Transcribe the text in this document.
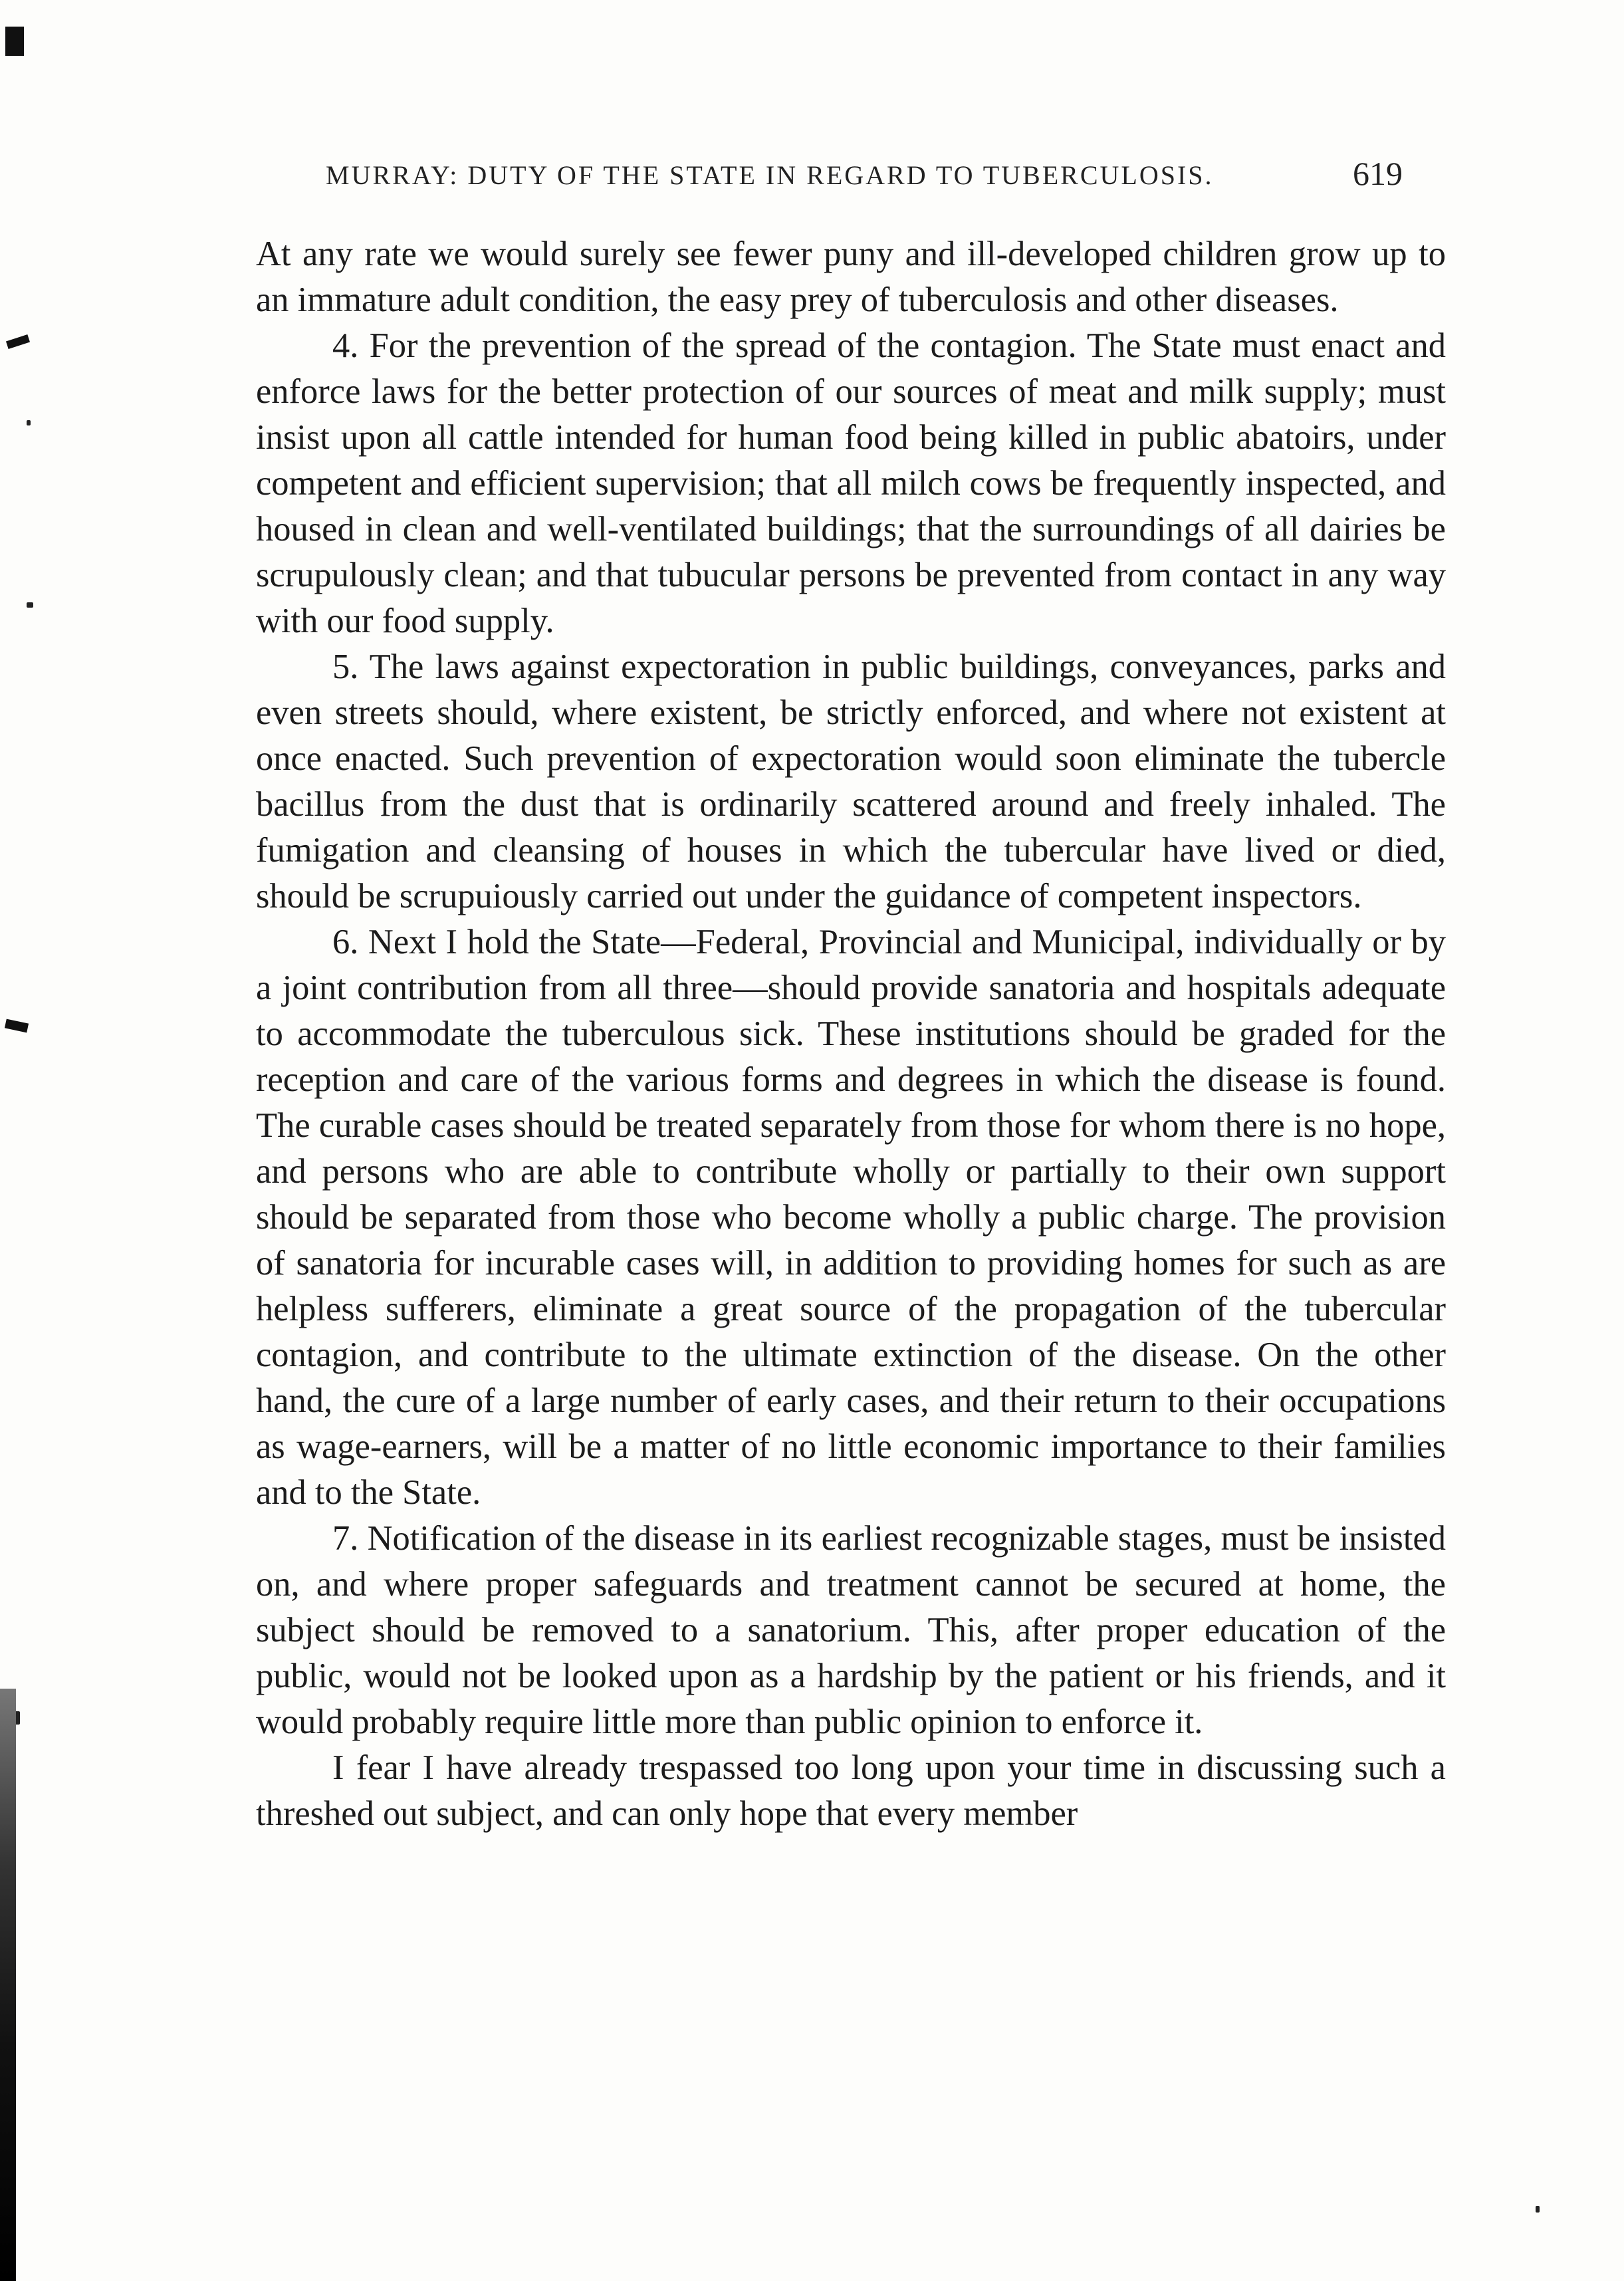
MURRAY: DUTY OF THE STATE IN REGARD TO TUBERCULOSIS.	619

At any rate we would surely see fewer puny and ill-developed children grow up to an immature adult condition, the easy prey of tuberculosis and other diseases.

4. For the prevention of the spread of the contagion. The State must enact and enforce laws for the better protection of our sources of meat and milk supply; must insist upon all cattle intended for human food being killed in public abatoirs, under competent and efficient supervision; that all milch cows be frequently inspected, and housed in clean and well-ventilated buildings; that the surroundings of all dairies be scrupulously clean; and that tubucular persons be prevented from contact in any way with our food supply.

5. The laws against expectoration in public buildings, conveyances, parks and even streets should, where existent, be strictly enforced, and where not existent at once enacted. Such prevention of expectoration would soon eliminate the tubercle bacillus from the dust that is ordinarily scattered around and freely inhaled. The fumigation and cleansing of houses in which the tubercular have lived or died, should be scrupuiously carried out under the guidance of competent inspectors.

6. Next I hold the State—Federal, Provincial and Municipal, individually or by a joint contribution from all three—should provide sanatoria and hospitals adequate to accommodate the tuberculous sick. These institutions should be graded for the reception and care of the various forms and degrees in which the disease is found. The curable cases should be treated separately from those for whom there is no hope, and persons who are able to contribute wholly or partially to their own support should be separated from those who become wholly a public charge. The provision of sanatoria for incurable cases will, in addition to providing homes for such as are helpless sufferers, eliminate a great source of the propagation of the tubercular contagion, and contribute to the ultimate extinction of the disease. On the other hand, the cure of a large number of early cases, and their return to their occupations as wage-earners, will be a matter of no little economic importance to their families and to the State.

7. Notification of the disease in its earliest recognizable stages, must be insisted on, and where proper safeguards and treatment cannot be secured at home, the subject should be removed to a sanatorium. This, after proper education of the public, would not be looked upon as a hardship by the patient or his friends, and it would probably require little more than public opinion to enforce it.

I fear I have already trespassed too long upon your time in discussing such a threshed out subject, and can only hope that every member
